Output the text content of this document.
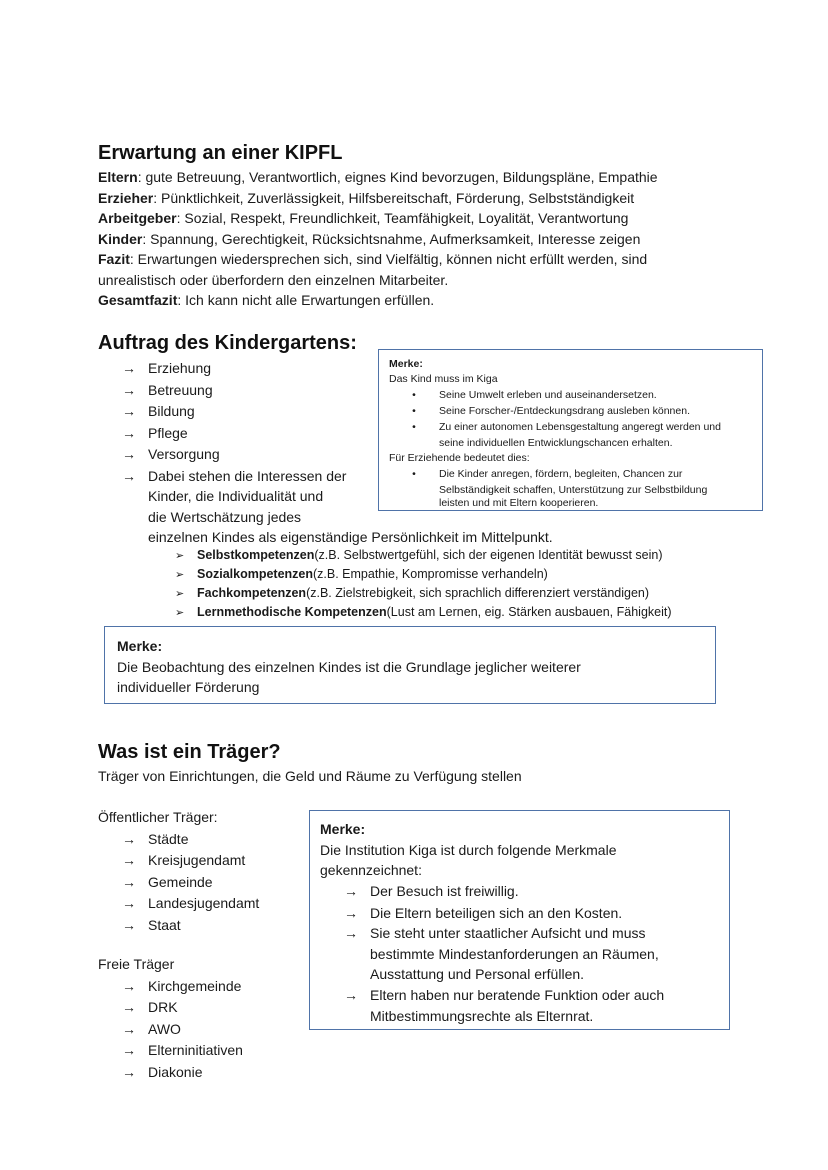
Erwartung an einer KIPFL
Eltern: gute Betreuung, Verantwortlich, eignes Kind bevorzugen, Bildungspläne, Empathie
Erzieher: Pünktlichkeit, Zuverlässigkeit, Hilfsbereitschaft, Förderung, Selbstständigkeit
Arbeitgeber: Sozial, Respekt, Freundlichkeit, Teamfähigkeit, Loyalität, Verantwortung
Kinder: Spannung, Gerechtigkeit, Rücksichtsnahme, Aufmerksamkeit, Interesse zeigen
Fazit: Erwartungen wiedersprechen sich, sind Vielfältig, können nicht erfüllt werden, sind
unrealistisch oder überfordern den einzelnen Mitarbeiter.
Gesamtfazit: Ich kann nicht alle Erwartungen erfüllen.
Auftrag des Kindergartens:
→ Erziehung
→ Betreuung
→ Bildung
→ Pflege
→ Versorgung
→ Dabei stehen die Interessen der
Kinder, die Individualität und
die Wertschätzung jedes
einzelnen Kindes als eigenständige Persönlichkeit im Mittelpunkt.
➢ Selbstkompetenzen(z.B. Selbstwertgefühl, sich der eigenen Identität bewusst sein)
➢ Sozialkompetenzen(z.B. Empathie, Kompromisse verhandeln)
➢ Fachkompetenzen(z.B. Zielstrebigkeit, sich sprachlich differenziert verständigen)
➢ Lernmethodische Kompetenzen(Lust am Lernen, eig. Stärken ausbauen, Fähigkeit)
Merke:
Das Kind muss im Kiga
• Seine Umwelt erleben und auseinandersetzen.
• Seine Forscher-/Entdeckungsdrang ausleben können.
• Zu einer autonomen Lebensgestaltung angeregt werden und
seine individuellen Entwicklungschancen erhalten.
Für Erziehende bedeutet dies:
• Die Kinder anregen, fördern, begleiten, Chancen zur
Selbständigkeit schaffen, Unterstützung zur Selbstbildung
leisten und mit Eltern kooperieren.
Merke:
Die Beobachtung des einzelnen Kindes ist die Grundlage jeglicher weiterer
individueller Förderung
Was ist ein Träger?
Träger von Einrichtungen, die Geld und Räume zu Verfügung stellen
Öffentlicher Träger:
→ Städte
→ Kreisjugendamt
→ Gemeinde
→ Landesjugendamt
→ Staat
Freie Träger
→ Kirchgemeinde
→ DRK
→ AWO
→ Elterninitiativen
→ Diakonie
Merke:
Die Institution Kiga ist durch folgende Merkmale
gekennzeichnet:
→ Der Besuch ist freiwillig.
→ Die Eltern beteiligen sich an den Kosten.
→ Sie steht unter staatlicher Aufsicht und muss
bestimmte Mindestanforderungen an Räumen,
Ausstattung und Personal erfüllen.
→ Eltern haben nur beratende Funktion oder auch
Mitbestimmungsrechte als Elternrat.
